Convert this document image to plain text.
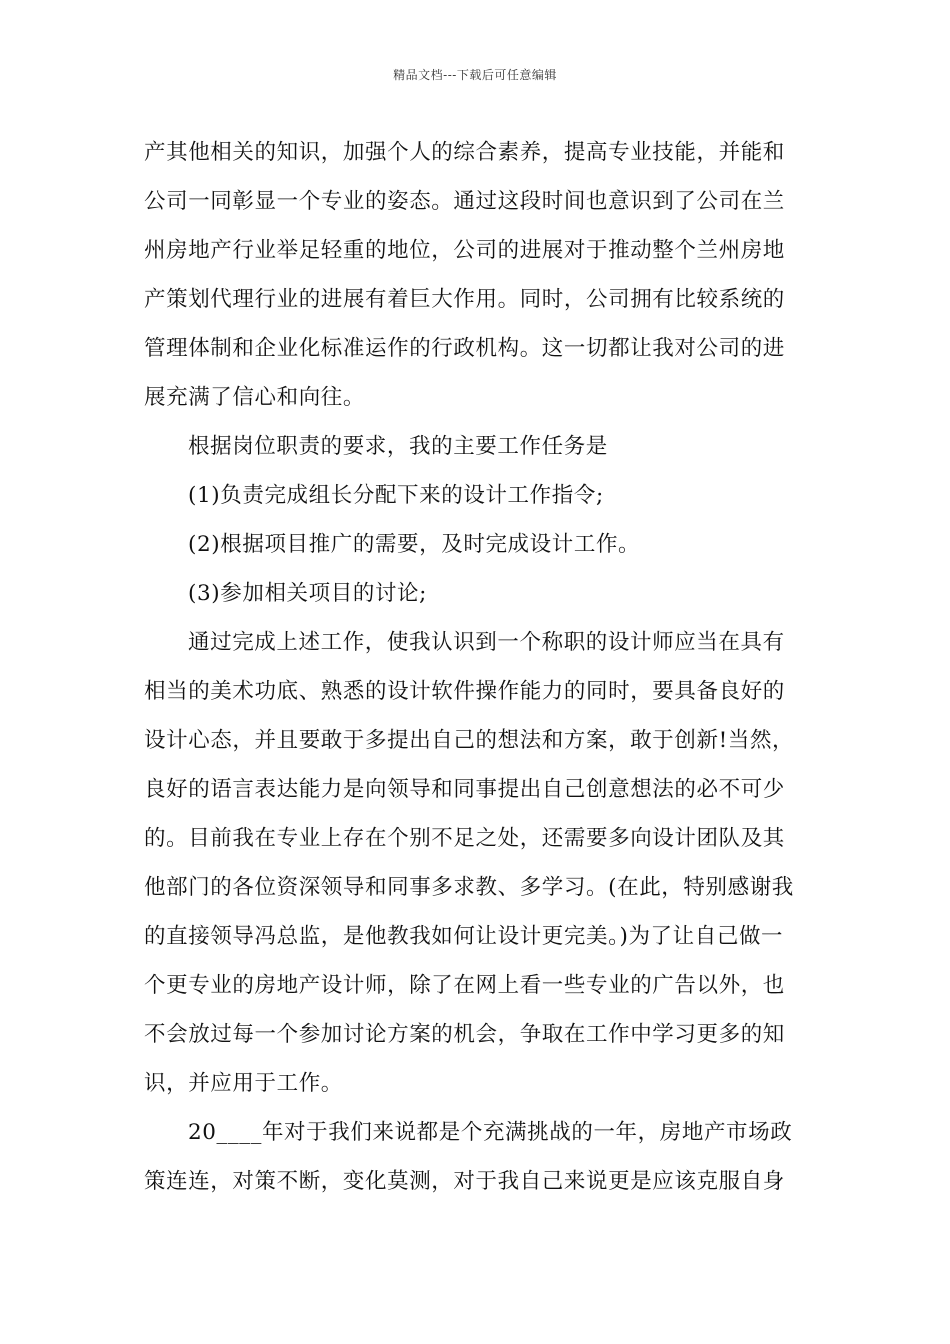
精品文档---下载后可任意编辑
产其他相关的知识，加强个人的综合素养，提高专业技能，并能和
公司一同彰显一个专业的姿态。通过这段时间也意识到了公司在兰
州房地产行业举足轻重的地位，公司的进展对于推动整个兰州房地
产策划代理行业的进展有着巨大作用。同时，公司拥有比较系统的
管理体制和企业化标准运作的行政机构。这一切都让我对公司的进
展充满了信心和向往。
根据岗位职责的要求，我的主要工作任务是
(1)负责完成组长分配下来的设计工作指令;
(2)根据项目推广的需要，及时完成设计工作。
(3)参加相关项目的讨论;
通过完成上述工作，使我认识到一个称职的设计师应当在具有
相当的美术功底、熟悉的设计软件操作能力的同时，要具备良好的
设计心态，并且要敢于多提出自己的想法和方案，敢于创新!当然，
良好的语言表达能力是向领导和同事提出自己创意想法的必不可少
的。目前我在专业上存在个别不足之处，还需要多向设计团队及其
他部门的各位资深领导和同事多求教、多学习。(在此，特别感谢我
的直接领导冯总监，是他教我如何让设计更完美。)为了让自己做一
个更专业的房地产设计师，除了在网上看一些专业的广告以外，也
不会放过每一个参加讨论方案的机会，争取在工作中学习更多的知
识，并应用于工作。
20____年对于我们来说都是个充满挑战的一年，房地产市场政
策连连，对策不断，变化莫测，对于我自己来说更是应该克服自身
